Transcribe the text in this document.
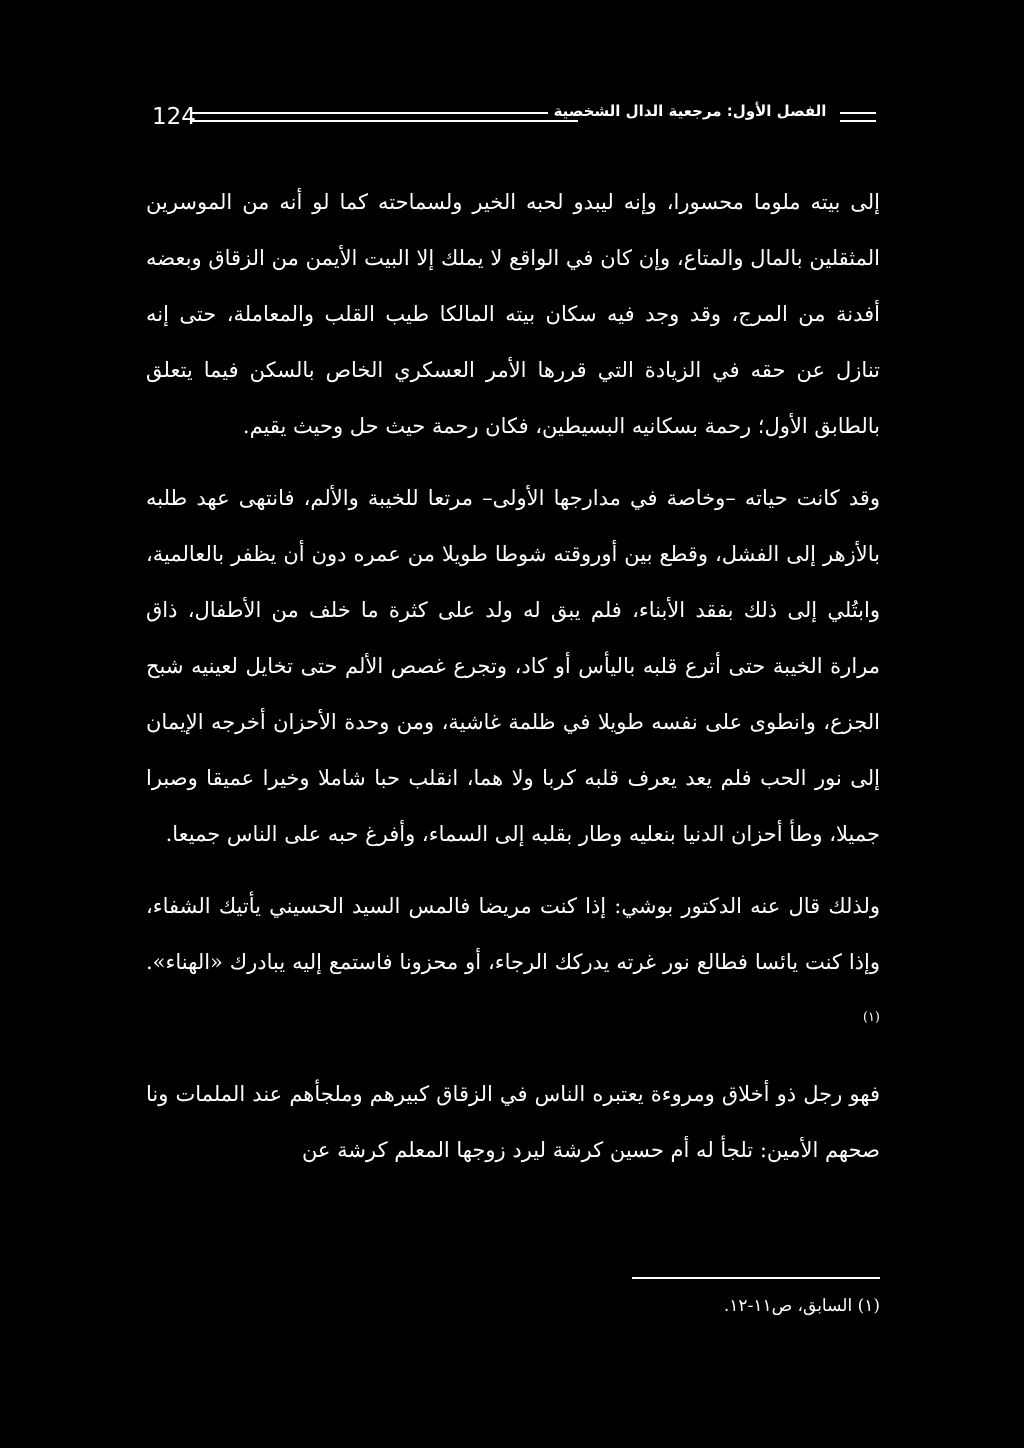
124	الفصل الأول: مرجعية الدال الشخصية

إلى بيته ملوما محسورا، وإنه ليبدو لحبه الخير ولسماحته كما لو أنه من الموسرين المثقلين بالمال والمتاع، وإن كان في الواقع لا يملك إلا البيت الأيمن من الزقاق وبعضه أفدنة من المرج، وقد وجد فيه سكان بيته المالكا طيب القلب والمعاملة، حتى إنه تنازل عن حقه في الزيادة التي قررها الأمر العسكري الخاص بالسكن فيما يتعلق بالطابق الأول؛ رحمة بسكانيه البسيطين، فكان رحمة حيث حل وحيث يقيم.

وقد كانت حياته –وخاصة في مدارجها الأولى– مرتعا للخيبة والألم، فانتهى عهد طلبه بالأزهر إلى الفشل، وقطع بين أوروقته شوطا طويلا من عمره دون أن يظفر بالعالمية، وابتُلي إلى ذلك بفقد الأبناء، فلم يبق له ولد على كثرة ما خلف من الأطفال، ذاق مرارة الخيبة حتى أترع قلبه باليأس أو كاد، وتجرع غصص الألم حتى تخايل لعينيه شبح الجزع، وانطوى على نفسه طويلا في ظلمة غاشية، ومن وحدة الأحزان أخرجه الإيمان إلى نور الحب فلم يعد يعرف قلبه كربا ولا هما، انقلب حبا شاملا وخيرا عميقا وصبرا جميلا، وطأ أحزان الدنيا بنعليه وطار بقلبه إلى السماء، وأفرغ حبه على الناس جميعا.

ولذلك قال عنه الدكتور بوشي: إذا كنت مريضا فالمس السيد الحسيني يأتيك الشفاء، وإذا كنت يائسا فطالع نور غرته يدركك الرجاء، أو محزونا فاستمع إليه يبادرك «الهناء».$^{(١)}$

فهو رجل ذو أخلاق ومروءة يعتبره الناس في الزقاق كبيرهم وملجأهم عند الملمات ونا صحهم الأمين: تلجأ له أم حسين كرشة ليرد زوجها المعلم كرشة عن

(١) السابق، ص١١-١٢.
